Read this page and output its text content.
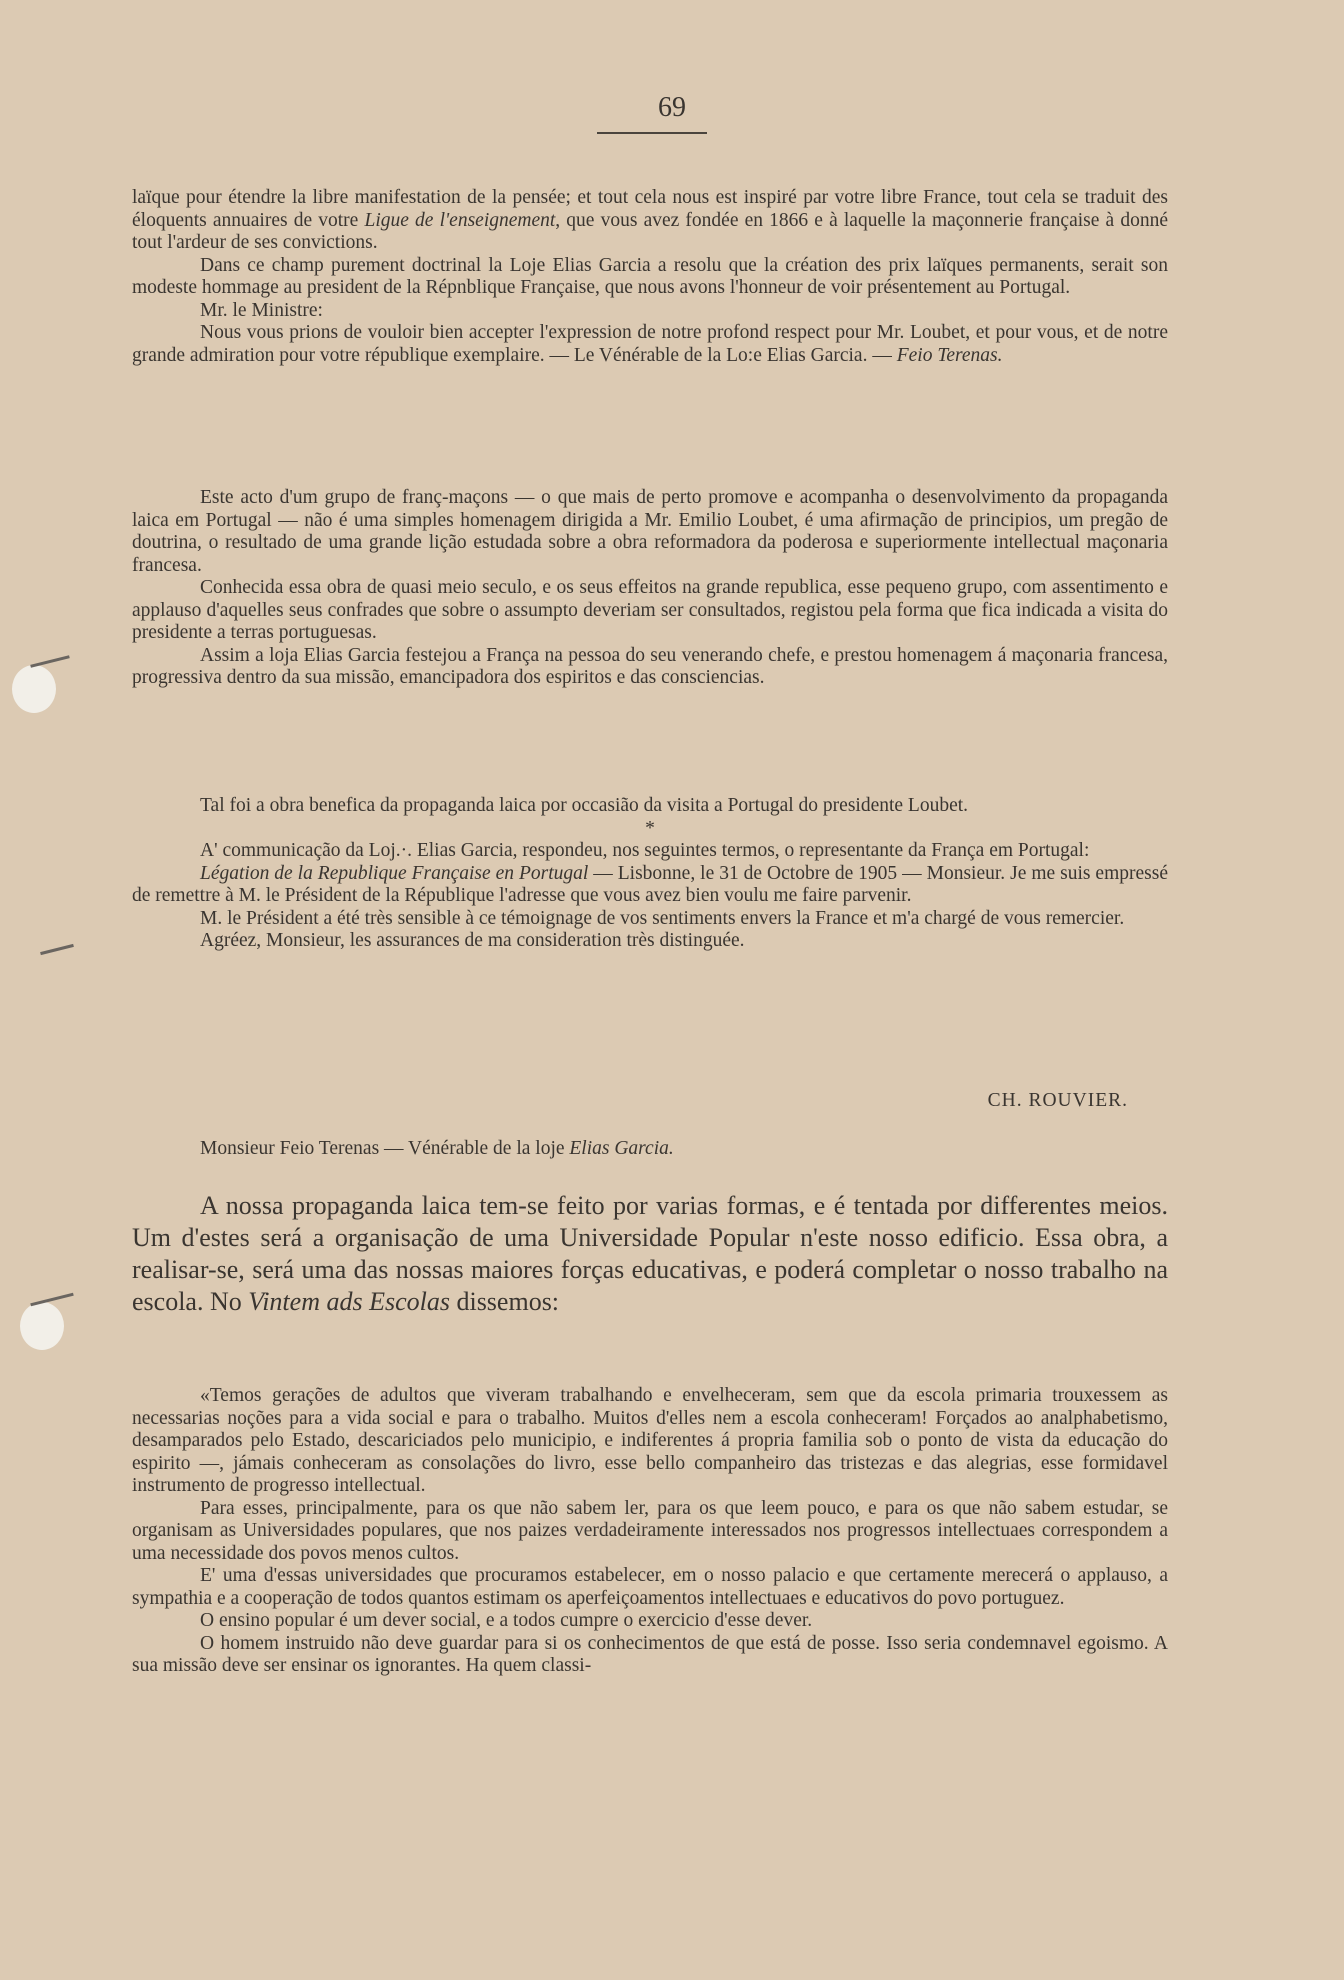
69

laïque pour étendre la libre manifestation de la pensée; et tout cela nous est inspiré par votre libre France, tout cela se traduit des éloquents annuaires de votre Ligue de l'enseignement, que vous avez fondée en 1866 e à laquelle la maçonnerie française à donné tout l'ardeur de ses convictions.

Dans ce champ purement doctrinal la Loje Elias Garcia a resolu que la création des prix laïques permanents, serait son modeste hommage au president de la Répnblique Française, que nous avons l'honneur de voir présentement au Portugal.

Mr. le Ministre:

Nous vous prions de vouloir bien accepter l'expression de notre profond respect pour Mr. Loubet, et pour vous, et de notre grande admiration pour votre république exemplaire. — Le Vénérable de la Lo:e Elias Garcia. — Feio Terenas.

Este acto d'um grupo de franç-maçons — o que mais de perto promove e acompanha o desenvolvimento da propaganda laica em Portugal — não é uma simples homenagem dirigida a Mr. Emilio Loubet, é uma afirmação de principios, um pregão de doutrina, o resultado de uma grande lição estudada sobre a obra reformadora da poderosa e superiormente intellectual maçonaria francesa.

Conhecida essa obra de quasi meio seculo, e os seus effeitos na grande republica, esse pequeno grupo, com assentimento e applauso d'aquelles seus confrades que sobre o assumpto deveriam ser consultados, registou pela forma que fica indicada a visita do presidente a terras portuguesas.

Assim a loja Elias Garcia festejou a França na pessoa do seu venerando chefe, e prestou homenagem á maçonaria francesa, progressiva dentro da sua missão, emancipadora dos espiritos e das consciencias.

Tal foi a obra benefica da propaganda laica por occasião da visita a Portugal do presidente Loubet.

*

A' communicação da Loj.·. Elias Garcia, respondeu, nos seguintes termos, o representante da França em Portugal:

Légation de la Republique Française en Portugal — Lisbonne, le 31 de Octobre de 1905 — Monsieur. Je me suis empressé de remettre à M. le Président de la République l'adresse que vous avez bien voulu me faire parvenir.

M. le Président a été très sensible à ce témoignage de vos sentiments envers la France et m'a chargé de vous remercier.

Agréez, Monsieur, les assurances de ma consideration très distinguée.

CH. ROUVIER.

Monsieur Feio Terenas — Vénérable de la loje Elias Garcia.

A nossa propaganda laica tem-se feito por varias formas, e é tentada por differentes meios. Um d'estes será a organisação de uma Universidade Popular n'este nosso edificio. Essa obra, a realisar-se, será uma das nossas maiores forças educativas, e poderá completar o nosso trabalho na escola. No Vintem ads Escolas dissemos:

«Temos gerações de adultos que viveram trabalhando e envelheceram, sem que da escola primaria trouxessem as necessarias noções para a vida social e para o trabalho. Muitos d'elles nem a escola conheceram! Forçados ao analphabetismo, desamparados pelo Estado, descariciados pelo municipio, e indiferentes á propria familia sob o ponto de vista da educação do espirito —, jámais conheceram as consolações do livro, esse bello companheiro das tristezas e das alegrias, esse formidavel instrumento de progresso intellectual.

Para esses, principalmente, para os que não sabem ler, para os que leem pouco, e para os que não sabem estudar, se organisam as Universidades populares, que nos paizes verdadeiramente interessados nos progressos intellectuaes correspondem a uma necessidade dos povos menos cultos.

E' uma d'essas universidades que procuramos estabelecer, em o nosso palacio e que certamente merecerá o applauso, a sympathia e a cooperação de todos quantos estimam os aperfeiçoamentos intellectuaes e educativos do povo portuguez.

O ensino popular é um dever social, e a todos cumpre o exercicio d'esse dever.

O homem instruido não deve guardar para si os conhecimentos de que está de posse. Isso seria condemnavel egoismo. A sua missão deve ser ensinar os ignorantes. Ha quem classi-
